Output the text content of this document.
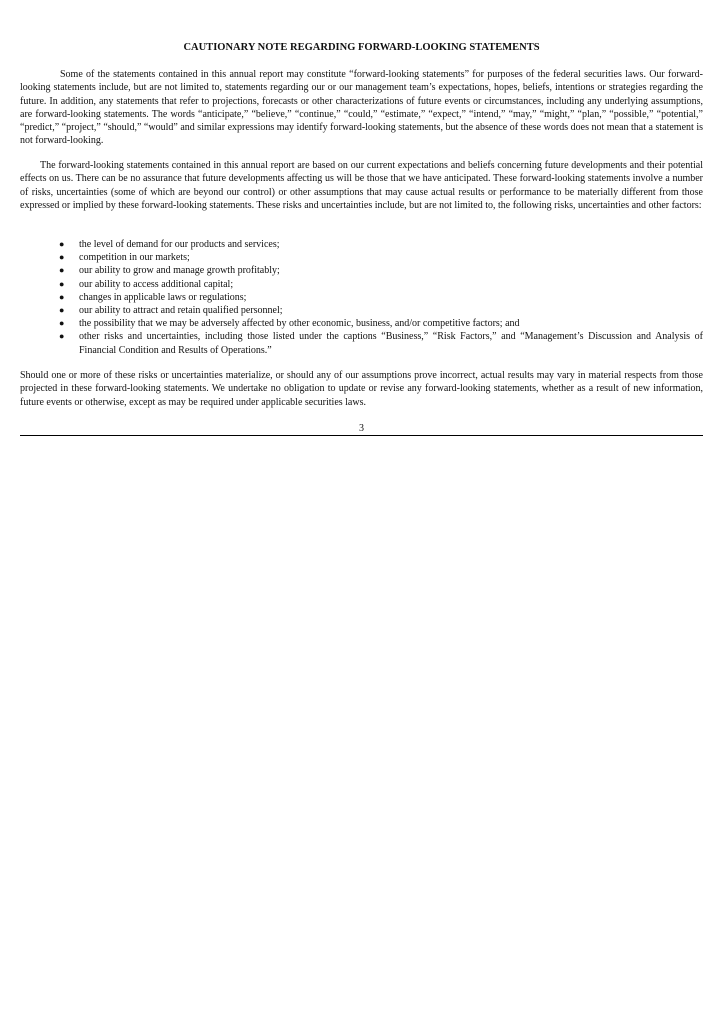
CAUTIONARY NOTE REGARDING FORWARD-LOOKING STATEMENTS

Some of the statements contained in this annual report may constitute “forward-looking statements” for purposes of the federal securities laws. Our forward-looking statements include, but are not limited to, statements regarding our or our management team’s expectations, hopes, beliefs, intentions or strategies regarding the future. In addition, any statements that refer to projections, forecasts or other characterizations of future events or circumstances, including any underlying assumptions, are forward-looking statements. The words “anticipate,” “believe,” “continue,” “could,” “estimate,” “expect,” “intend,” “may,” “might,” “plan,” “possible,” “potential,” “predict,” “project,” “should,” “would” and similar expressions may identify forward-looking statements, but the absence of these words does not mean that a statement is not forward-looking.

The forward-looking statements contained in this annual report are based on our current expectations and beliefs concerning future developments and their potential effects on us. There can be no assurance that future developments affecting us will be those that we have anticipated. These forward-looking statements involve a number of risks, uncertainties (some of which are beyond our control) or other assumptions that may cause actual results or performance to be materially different from those expressed or implied by these forward-looking statements. These risks and uncertainties include, but are not limited to, the following risks, uncertainties and other factors:

● the level of demand for our products and services;
● competition in our markets;
● our ability to grow and manage growth profitably;
● our ability to access additional capital;
● changes in applicable laws or regulations;
● our ability to attract and retain qualified personnel;
● the possibility that we may be adversely affected by other economic, business, and/or competitive factors; and
● other risks and uncertainties, including those listed under the captions “Business,” “Risk Factors,” and “Management’s Discussion and Analysis of Financial Condition and Results of Operations.”

Should one or more of these risks or uncertainties materialize, or should any of our assumptions prove incorrect, actual results may vary in material respects from those projected in these forward-looking statements. We undertake no obligation to update or revise any forward-looking statements, whether as a result of new information, future events or otherwise, except as may be required under applicable securities laws.

3
